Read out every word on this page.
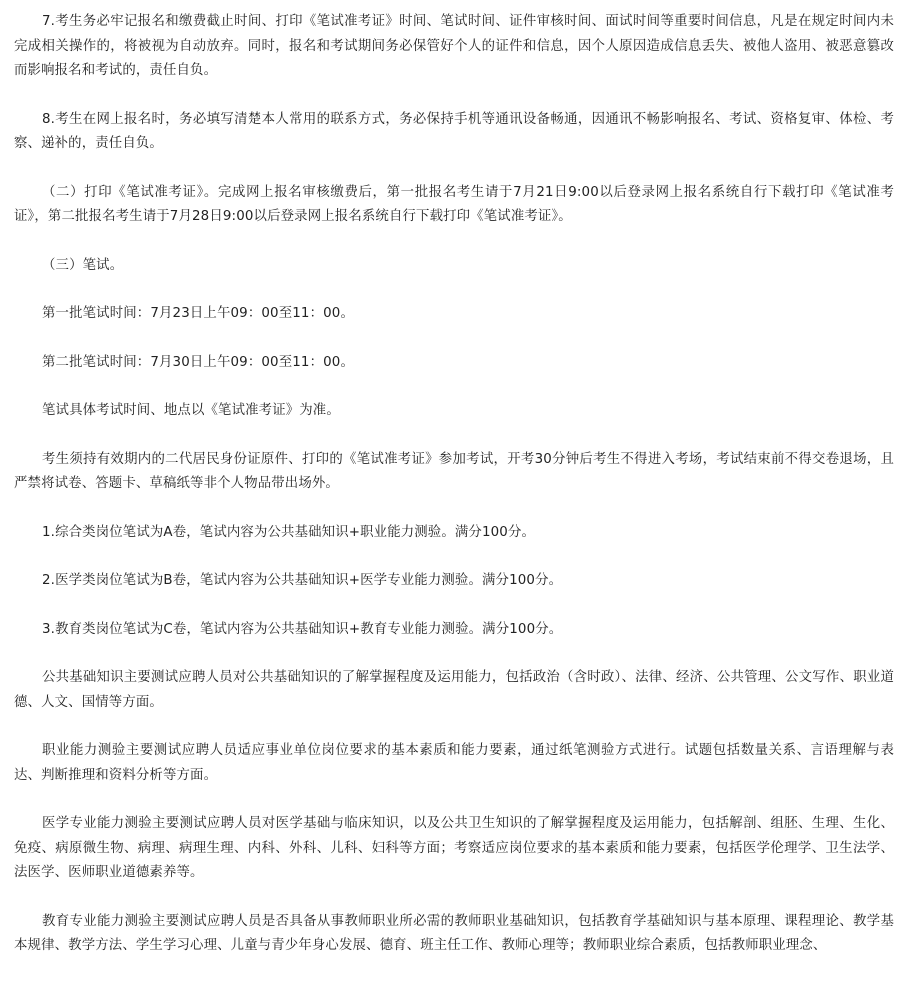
7.考生务必牢记报名和缴费截止时间、打印《笔试准考证》时间、笔试时间、证件审核时间、面试时间等重要时间信息，凡是在规定时间内未完成相关操作的，将被视为自动放弃。同时，报名和考试期间务必保管好个人的证件和信息，因个人原因造成信息丢失、被他人盗用、被恶意篡改而影响报名和考试的，责任自负。

8.考生在网上报名时，务必填写清楚本人常用的联系方式，务必保持手机等通讯设备畅通，因通讯不畅影响报名、考试、资格复审、体检、考察、递补的，责任自负。

（二）打印《笔试准考证》。完成网上报名审核缴费后，第一批报名考生请于7月21日9:00以后登录网上报名系统自行下载打印《笔试准考证》，第二批报名考生请于7月28日9:00以后登录网上报名系统自行下载打印《笔试准考证》。

（三）笔试。

第一批笔试时间：7月23日上午09：00至11：00。

第二批笔试时间：7月30日上午09：00至11：00。

笔试具体考试时间、地点以《笔试准考证》为准。

考生须持有效期内的二代居民身份证原件、打印的《笔试准考证》参加考试，开考30分钟后考生不得进入考场，考试结束前不得交卷退场，且严禁将试卷、答题卡、草稿纸等非个人物品带出场外。

1.综合类岗位笔试为A卷，笔试内容为公共基础知识+职业能力测验。满分100分。

2.医学类岗位笔试为B卷，笔试内容为公共基础知识+医学专业能力测验。满分100分。

3.教育类岗位笔试为C卷，笔试内容为公共基础知识+教育专业能力测验。满分100分。

公共基础知识主要测试应聘人员对公共基础知识的了解掌握程度及运用能力，包括政治（含时政）、法律、经济、公共管理、公文写作、职业道德、人文、国情等方面。

职业能力测验主要测试应聘人员适应事业单位岗位要求的基本素质和能力要素，通过纸笔测验方式进行。试题包括数量关系、言语理解与表达、判断推理和资料分析等方面。

医学专业能力测验主要测试应聘人员对医学基础与临床知识，以及公共卫生知识的了解掌握程度及运用能力，包括解剖、组胚、生理、生化、免疫、病原微生物、病理、病理生理、内科、外科、儿科、妇科等方面；考察适应岗位要求的基本素质和能力要素，包括医学伦理学、卫生法学、法医学、医师职业道德素养等。

教育专业能力测验主要测试应聘人员是否具备从事教师职业所必需的教师职业基础知识，包括教育学基础知识与基本原理、课程理论、教学基本规律、教学方法、学生学习心理、儿童与青少年身心发展、德育、班主任工作、教师心理等；教师职业综合素质，包括教师职业理念、
